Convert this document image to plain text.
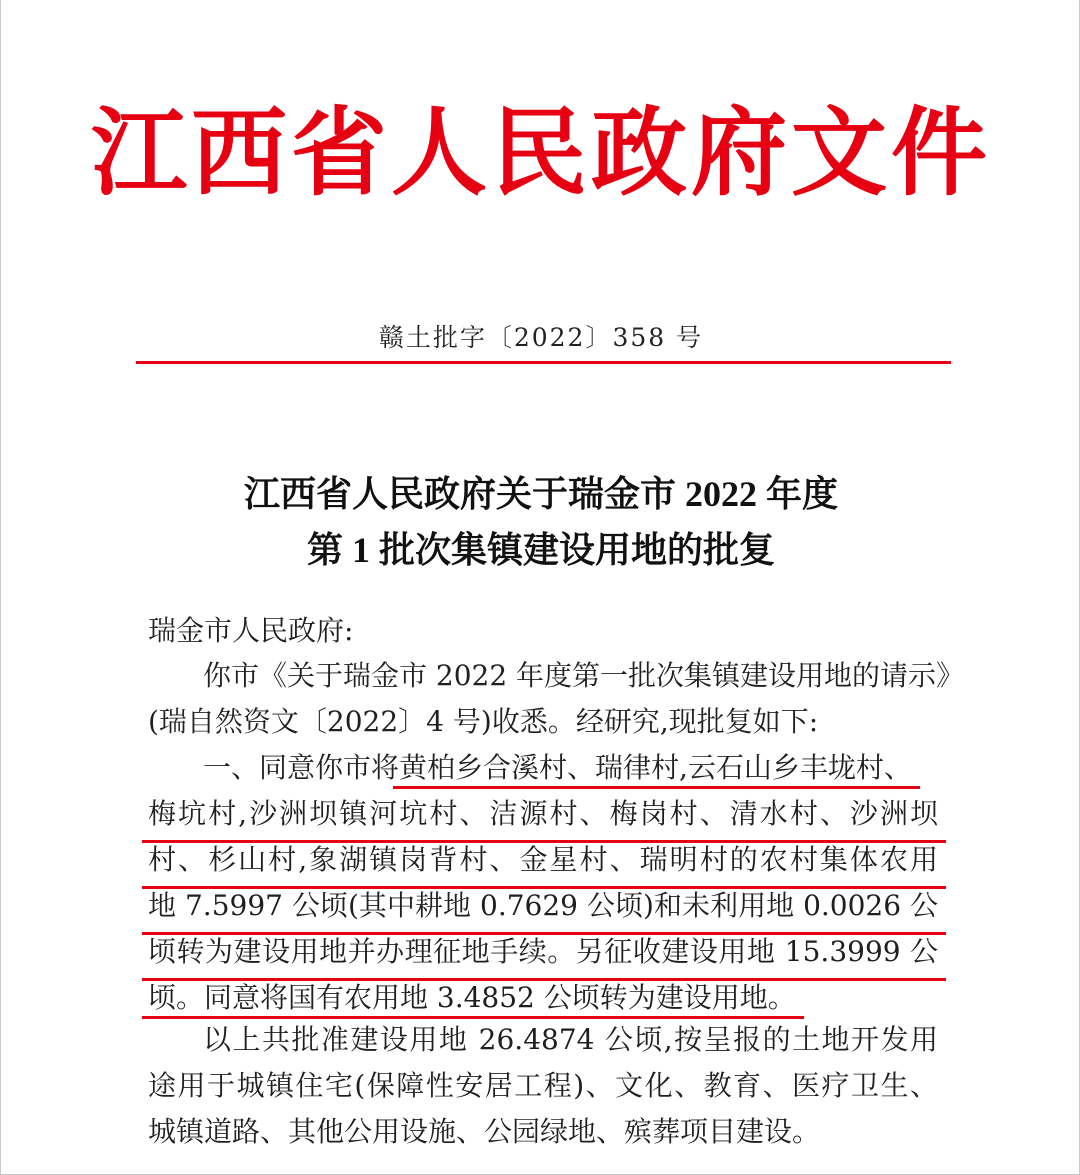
江西省人民政府文件
赣土批字〔2022〕358 号
江西省人民政府关于瑞金市 2022 年度
第 1 批次集镇建设用地的批复
瑞金市人民政府:
你市《关于瑞金市 2022 年度第一批次集镇建设用地的请示》
(瑞自然资文〔2022〕4 号)收悉。经研究,现批复如下:
一、同意你市将黄柏乡合溪村、瑞律村,云石山乡丰垅村、
梅坑村,沙洲坝镇河坑村、洁源村、梅岗村、清水村、沙洲坝
村、杉山村,象湖镇岗背村、金星村、瑞明村的农村集体农用
地 7.5997 公顷(其中耕地 0.7629 公顷)和未利用地 0.0026 公
顷转为建设用地并办理征地手续。另征收建设用地 15.3999 公
顷。同意将国有农用地 3.4852 公顷转为建设用地。
以上共批准建设用地 26.4874 公顷,按呈报的土地开发用
途用于城镇住宅(保障性安居工程)、文化、教育、医疗卫生、
城镇道路、其他公用设施、公园绿地、殡葬项目建设。
